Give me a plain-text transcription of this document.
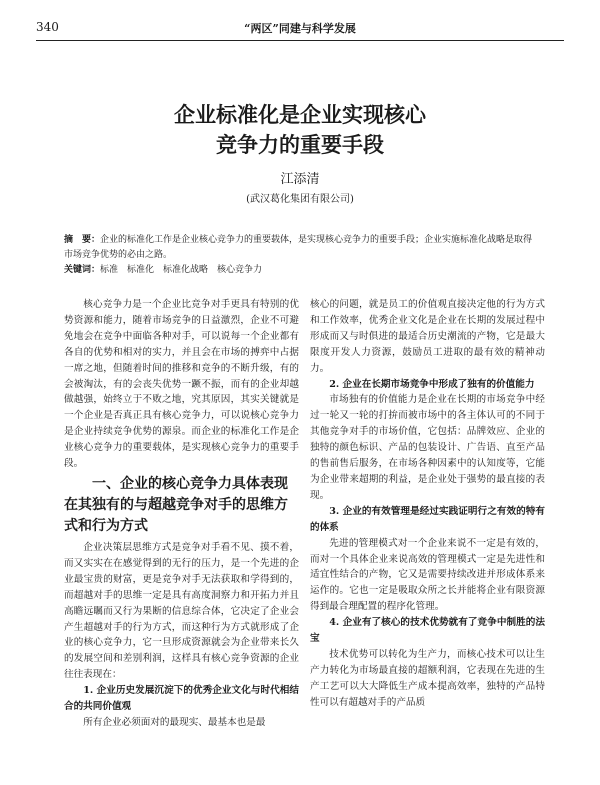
340	“两区”同建与科学发展
企业标准化是企业实现核心
竞争力的重要手段
江添清
(武汉葛化集团有限公司)

摘　要：企业的标准化工作是企业核心竞争力的重要载体，是实现核心竞争力的重要手段；企业实施标准化战略是取得市场竞争优势的必由之路。

关键词：标准　标准化　标准化战略　核心竞争力

核心竞争力是一个企业比竞争对手更具有特别的优势资源和能力，随着市场竞争的日益激烈，企业不可避免地会在竞争中面临各种对手，可以说每一个企业都有各自的优势和相对的实力，并且会在市场的搏弈中占据一席之地，但随着时间的推移和竞争的不断升级，有的会被淘汰，有的会丧失优势一蹶不振，而有的企业却越做越强，始终立于不败之地，究其原因，其实关键就是一个企业是否真正具有核心竞争力，可以说核心竞争力是企业持续竞争优势的源泉。而企业的标准化工作是企业核心竞争力的重要载体，是实现核心竞争力的重要手段。

一、企业的核心竞争力具体表现在其独有的与超越竞争对手的思维方式和行为方式

企业决策层思维方式是竞争对手看不见、摸不着，而又实实在在感觉得到的无行的压力，是一个先进的企业最宝贵的财富，更是竞争对手无法获取和学得到的，而超越对手的思维一定是具有高度洞察力和开拓力并且高瞻远瞩而又行为果断的信息综合体，它决定了企业会产生超越对手的行为方式，而这种行为方式就形成了企业的核心竞争力，它一旦形成资源就会为企业带来长久的发展空间和差别利润，这样具有核心竞争资源的企业往往表现在：

1. 企业历史发展沉淀下的优秀企业文化与时代相结合的共同价值观

所有企业必须面对的最现实、最基本也是最

核心的问题，就是员工的价值观直接决定他的行为方式和工作效率，优秀企业文化是企业在长期的发展过程中形成而又与时俱进的最适合历史潮流的产物，它是最大限度开发人力资源，鼓励员工进取的最有效的精神动力。

2. 企业在长期市场竞争中形成了独有的价值能力

市场独有的价值能力是企业在长期的市场竞争中经过一轮又一轮的打拚而被市场中的各主体认可的不同于其他竞争对手的市场价值，它包括：品牌效应、企业的独特的颜色标识、产品的包装设计、广告语、直至产品的售前售后服务，在市场各种因素中的认知度等，它能为企业带来超期的利益，是企业处于强势的最直接的表现。

3. 企业的有效管理是经过实践证明行之有效的特有的体系

先进的管理模式对一个企业来说不一定是有效的，而对一个具体企业来说高效的管理模式一定是先进性和适宜性结合的产物，它又是需要持续改进并形成体系来运作的。它也一定是吸取众所之长并能将企业有限资源得到最合理配置的程序化管理。

4. 企业有了核心的技术优势就有了竞争中制胜的法宝

技术优势可以转化为生产力，而核心技术可以让生产力转化为市场最直接的超额利润，它表现在先进的生产工艺可以大大降低生产成本提高效率，独特的产品特性可以有超越对手的产品质
